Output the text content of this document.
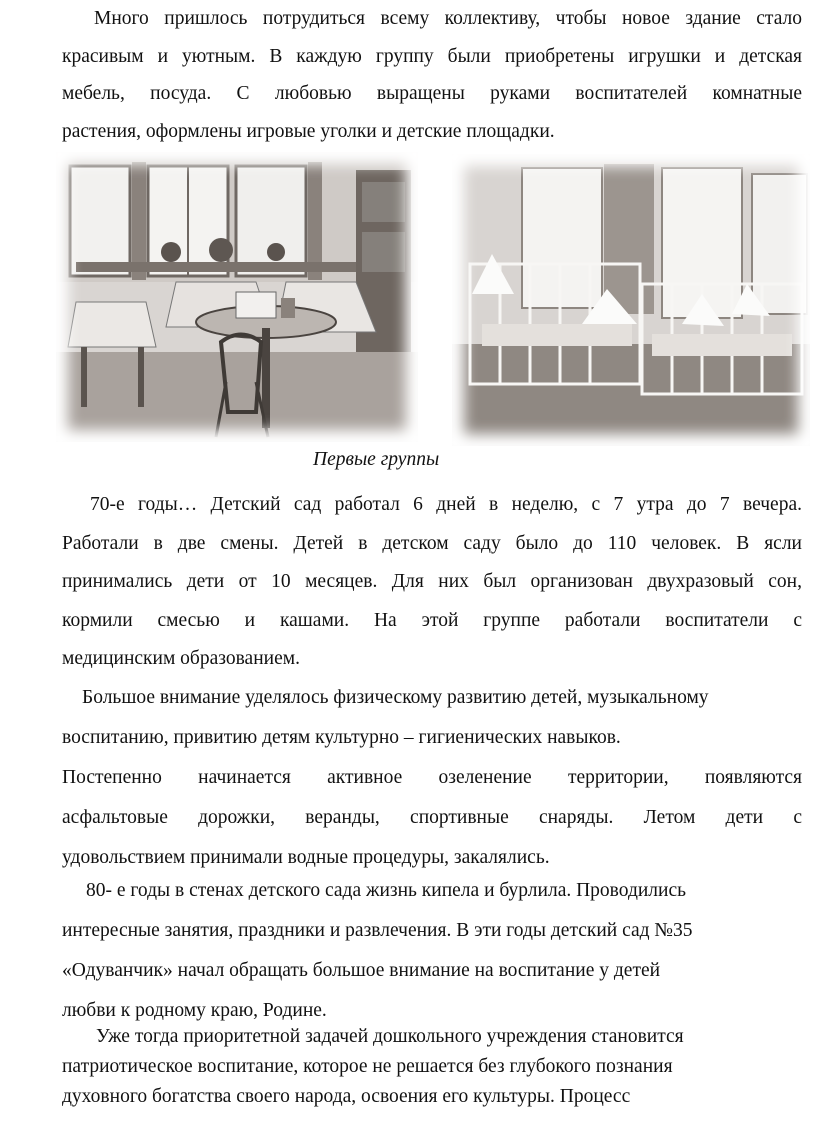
Много пришлось потрудиться всему коллективу, чтобы новое здание стало
красивым и уютным. В каждую группу были приобретены игрушки и детская
мебель, посуда. С любовью выращены руками воспитателей комнатные
растения, оформлены игровые уголки и детские площадки.

Первые группы

70-е годы… Детский сад работал 6 дней в неделю, с 7 утра до 7 вечера.
Работали в две смены. Детей в детском саду было до 110 человек. В ясли
принимались дети от 10 месяцев. Для них был организован двухразовый сон,
кормили смесью и кашами. На этой группе работали воспитатели с
медицинским образованием.
Большое внимание уделялось физическому развитию детей, музыкальному
воспитанию, привитию детям культурно – гигиенических навыков.
Постепенно начинается активное озеленение территории, появляются
асфальтовые дорожки, веранды, спортивные снаряды. Летом дети с
удовольствием принимали водные процедуры, закалялись.
80- е годы в стенах детского сада жизнь кипела и бурлила. Проводились
интересные занятия, праздники и развлечения. В эти годы детский сад №35
«Одуванчик» начал обращать большое внимание на воспитание у детей
любви к родному краю, Родине.
Уже тогда приоритетной задачей дошкольного учреждения становится
патриотическое воспитание, которое не решается без глубокого познания
духовного богатства своего народа, освоения его культуры. Процесс
